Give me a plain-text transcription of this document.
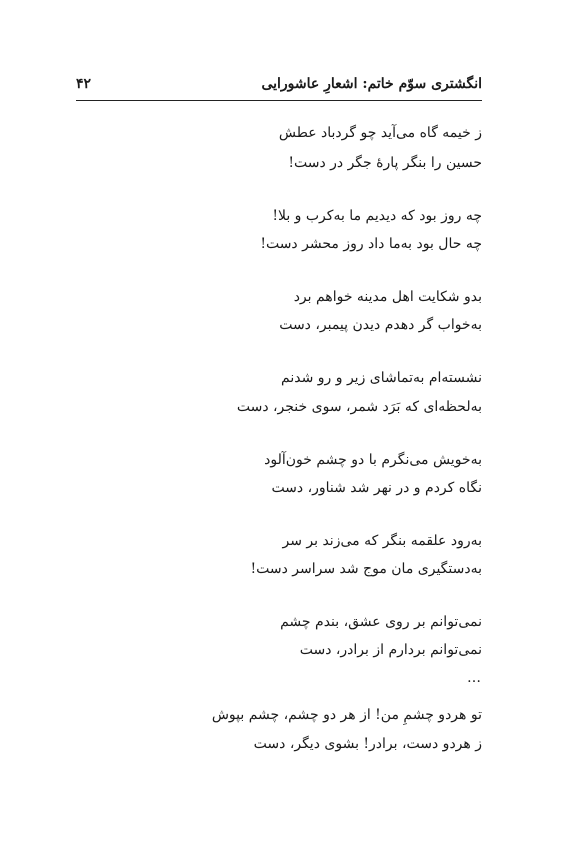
انگشتری سوّم خاتم: اشعارِ عاشورایی
۴۲
ز خیمه گاه می‌آید چو گردباد عطش
حسین را بنگر پارهٔ جگر در دست!
چه روز بود که دیدیم ما به‌کرب و بلا!
چه حال بود به‌ما داد روز محشر دست!
بدو شکایت اهل مدینه خواهم برد
به‌خواب گر دهدم دیدن پیمبر، دست
نشسته‌ام به‌تماشای زیر و رو شدنم
به‌لحظه‌ای که بَرَد شمر، سوی خنجر، دست
به‌خویش می‌نگرم با دو چشم خون‌آلود
نگاه کردم و در نهر شد شناور، دست
به‌رود علقمه بنگر که می‌زند بر سر
به‌دستگیری مان موج شد سراسر دست!
نمی‌توانم بر روی عشق، بندم چشم
نمی‌توانم بردارم از برادر، دست
…
تو هردو چشمِ من! از هر دو چشم، چشم بپوش
ز هردو دست، برادر! بشوی دیگر، دست
